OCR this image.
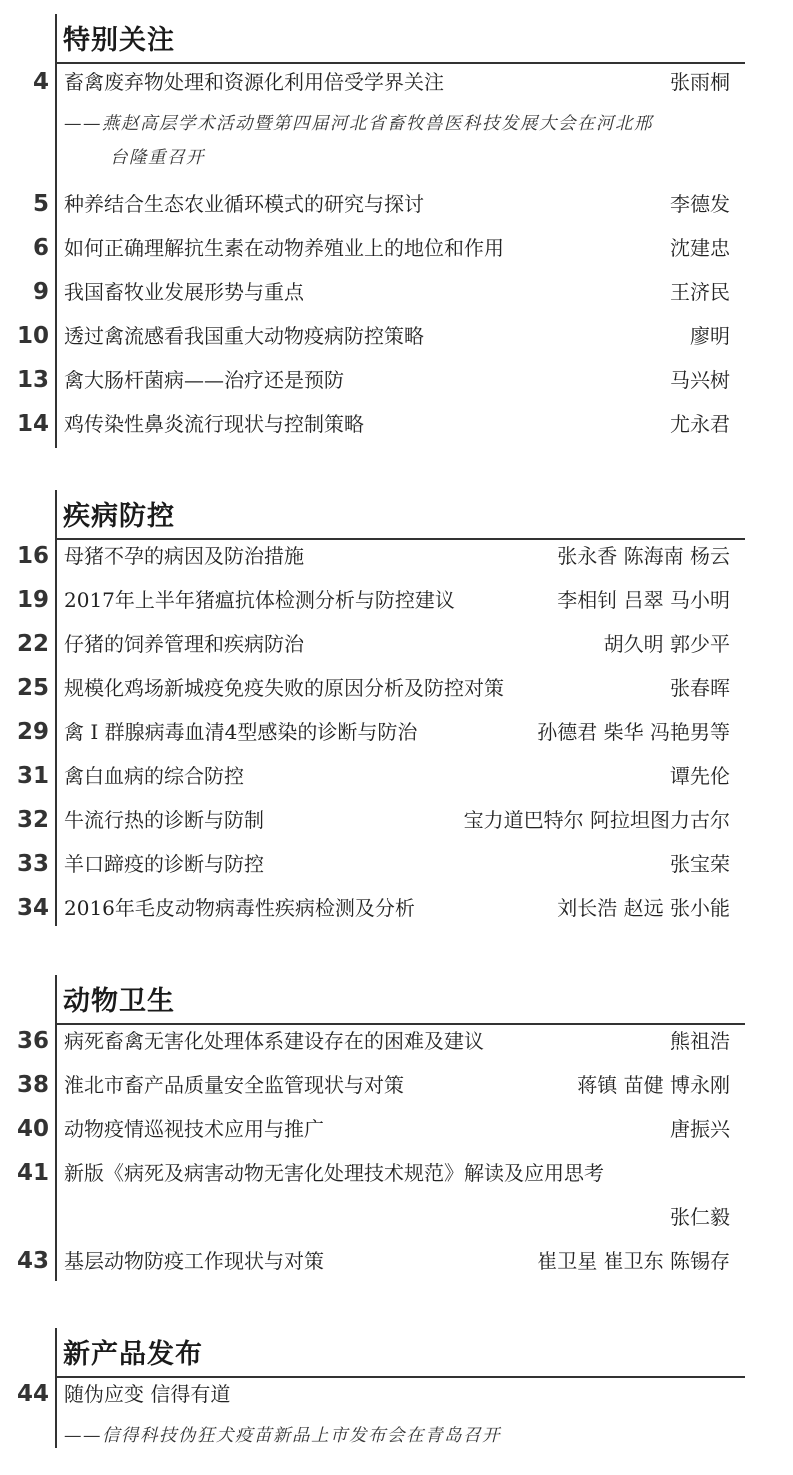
特别关注
4 畜禽废弃物处理和资源化利用倍受学界关注	张雨桐
——燕赵高层学术活动暨第四届河北省畜牧兽医科技发展大会在河北邢
台隆重召开
5 种养结合生态农业循环模式的研究与探讨	李德发
6 如何正确理解抗生素在动物养殖业上的地位和作用	沈建忠
9 我国畜牧业发展形势与重点	王济民
10 透过禽流感看我国重大动物疫病防控策略	廖明
13 禽大肠杆菌病——治疗还是预防	马兴树
14 鸡传染性鼻炎流行现状与控制策略	尤永君
疾病防控
16 母猪不孕的病因及防治措施	张永香 陈海南 杨云
19 2017年上半年猪瘟抗体检测分析与防控建议	李相钊 吕翠 马小明
22 仔猪的饲养管理和疾病防治	胡久明 郭少平
25 规模化鸡场新城疫免疫失败的原因分析及防控对策	张春晖
29 禽 I 群腺病毒血清4型感染的诊断与防治	孙德君 柴华 冯艳男等
31 禽白血病的综合防控	谭先伦
32 牛流行热的诊断与防制	宝力道巴特尔 阿拉坦图力古尔
33 羊口蹄疫的诊断与防控	张宝荣
34 2016年毛皮动物病毒性疾病检测及分析	刘长浩 赵远 张小能
动物卫生
36 病死畜禽无害化处理体系建设存在的困难及建议	熊祖浩
38 淮北市畜产品质量安全监管现状与对策	蒋镇 苗健 博永刚
40 动物疫情巡视技术应用与推广	唐振兴
41 新版《病死及病害动物无害化处理技术规范》解读及应用思考
张仁毅
43 基层动物防疫工作现状与对策	崔卫星 崔卫东 陈锡存
新产品发布
44 随伪应变 信得有道
——信得科技伪狂犬疫苗新品上市发布会在青岛召开
